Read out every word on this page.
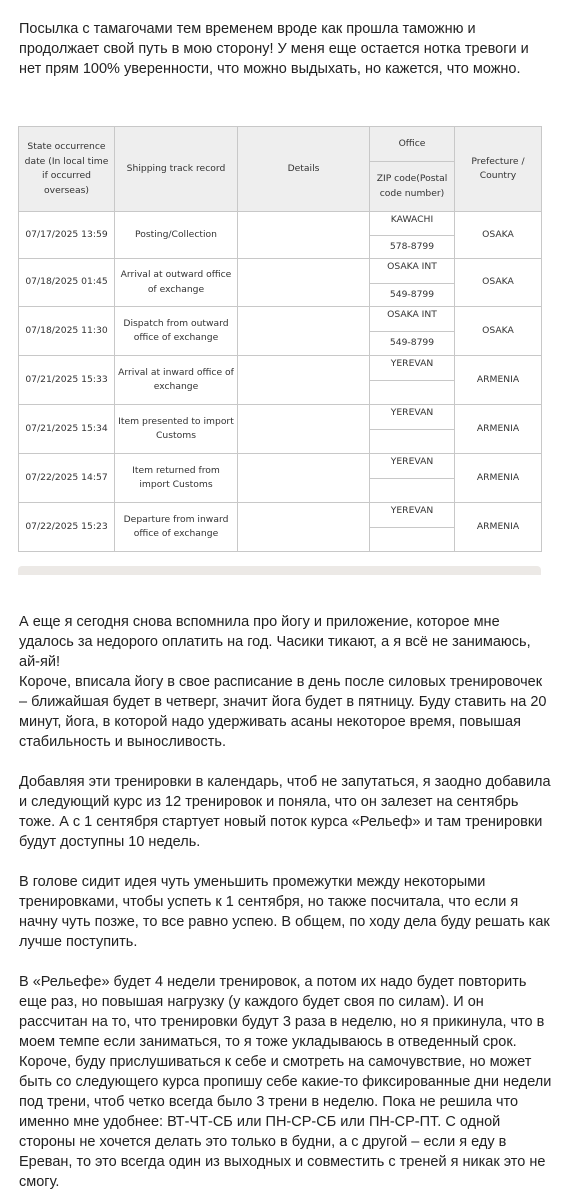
Посылка с тамагочами тем временем вроде как прошла таможню и продолжает свой путь в мою сторону! У меня еще остается нотка тревоги и нет прям 100% уверенности, что можно выдыхать, но кажется, что можно.

State occurrence date (In local time if occurred overseas)	Shipping track record	Details	Office	Prefecture / Country
			ZIP code(Postal code number)	
07/17/2025 13:59	Posting/Collection		KAWACHI	OSAKA
			578-8799	
07/18/2025 01:45	Arrival at outward office of exchange		OSAKA INT	OSAKA
			549-8799	
07/18/2025 11:30	Dispatch from outward office of exchange		OSAKA INT	OSAKA
			549-8799	
07/21/2025 15:33	Arrival at inward office of exchange		YEREVAN	ARMENIA

07/21/2025 15:34	Item presented to import Customs		YEREVAN	ARMENIA

07/22/2025 14:57	Item returned from import Customs		YEREVAN	ARMENIA

07/22/2025 15:23	Departure from inward office of exchange		YEREVAN	ARMENIA

А еще я сегодня снова вспомнила про йогу и приложение, которое мне удалось за недорого оплатить на год. Часики тикают, а я всё не занимаюсь, ай-яй!

Короче, вписала йогу в свое расписание в день после силовых тренировочек – ближайшая будет в четверг, значит йога будет в пятницу. Буду ставить на 20 минут, йога, в которой надо удерживать асаны некоторое время, повышая стабильность и выносливость.

Добавляя эти тренировки в календарь, чтоб не запутаться, я заодно добавила и следующий курс из 12 тренировок и поняла, что он залезет на сентябрь тоже. А с 1 сентября стартует новый поток курса «Рельеф» и там тренировки будут доступны 10 недель.

В голове сидит идея чуть уменьшить промежутки между некоторыми тренировками, чтобы успеть к 1 сентября, но также посчитала, что если я начну чуть позже, то все равно успею. В общем, по ходу дела буду решать как лучше поступить.

В «Рельефе» будет 4 недели тренировок, а потом их надо будет повторить еще раз, но повышая нагрузку (у каждого будет своя по силам). И он рассчитан на то, что тренировки будут 3 раза в неделю, но я прикинула, что в моем темпе если заниматься, то я тоже укладываюсь в отведенный срок. Короче, буду прислушиваться к себе и смотреть на самочувствие, но может быть со следующего курса пропишу себе какие-то фиксированные дни недели под трени, чтоб четко всегда было 3 трени в неделю. Пока не решила что именно мне удобнее: ВТ-ЧТ-СБ или ПН-СР-СБ или ПН-СР-ПТ. С одной стороны не хочется делать это только в будни, а с другой – если я еду в Ереван, то это всегда один из выходных и совместить с треней я никак это не смогу.
